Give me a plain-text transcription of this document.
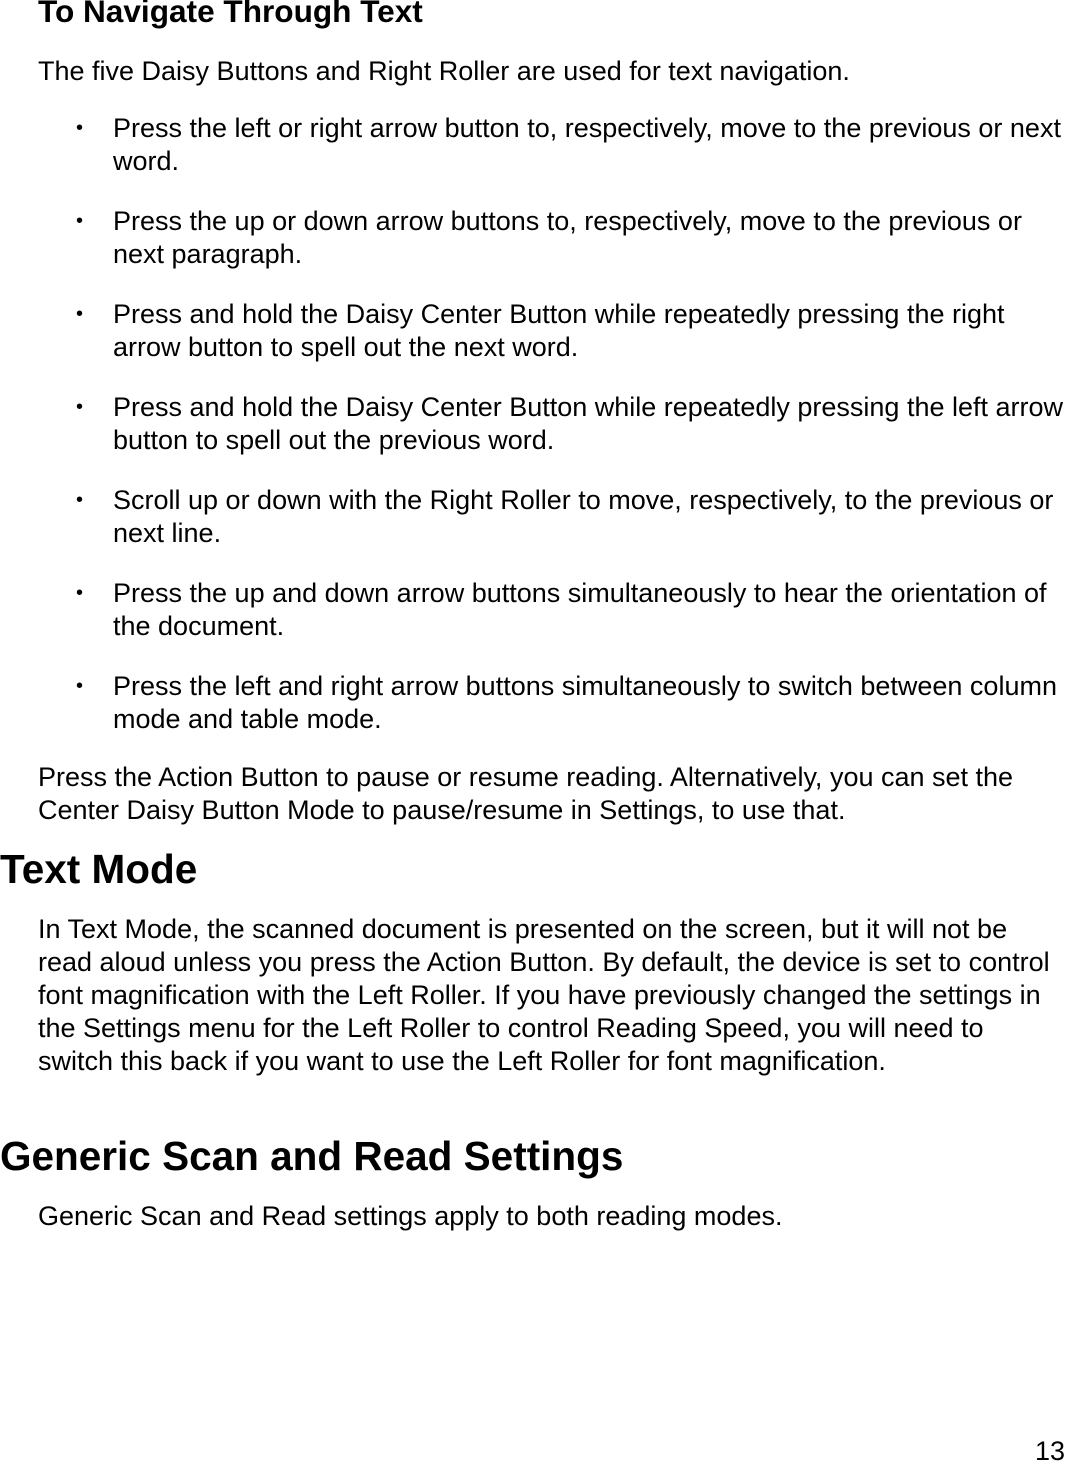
To Navigate Through Text

The five Daisy Buttons and Right Roller are used for text navigation.

• Press the left or right arrow button to, respectively, move to the previous or next word.
• Press the up or down arrow buttons to, respectively, move to the previous or next paragraph.
• Press and hold the Daisy Center Button while repeatedly pressing the right arrow button to spell out the next word.
• Press and hold the Daisy Center Button while repeatedly pressing the left arrow button to spell out the previous word.
• Scroll up or down with the Right Roller to move, respectively, to the previous or next line.
• Press the up and down arrow buttons simultaneously to hear the orientation of the document.
• Press the left and right arrow buttons simultaneously to switch between column mode and table mode.

Press the Action Button to pause or resume reading. Alternatively, you can set the Center Daisy Button Mode to pause/resume in Settings, to use that.

Text Mode

In Text Mode, the scanned document is presented on the screen, but it will not be read aloud unless you press the Action Button. By default, the device is set to control font magnification with the Left Roller. If you have previously changed the settings in the Settings menu for the Left Roller to control Reading Speed, you will need to switch this back if you want to use the Left Roller for font magnification.

Generic Scan and Read Settings

Generic Scan and Read settings apply to both reading modes.

13
